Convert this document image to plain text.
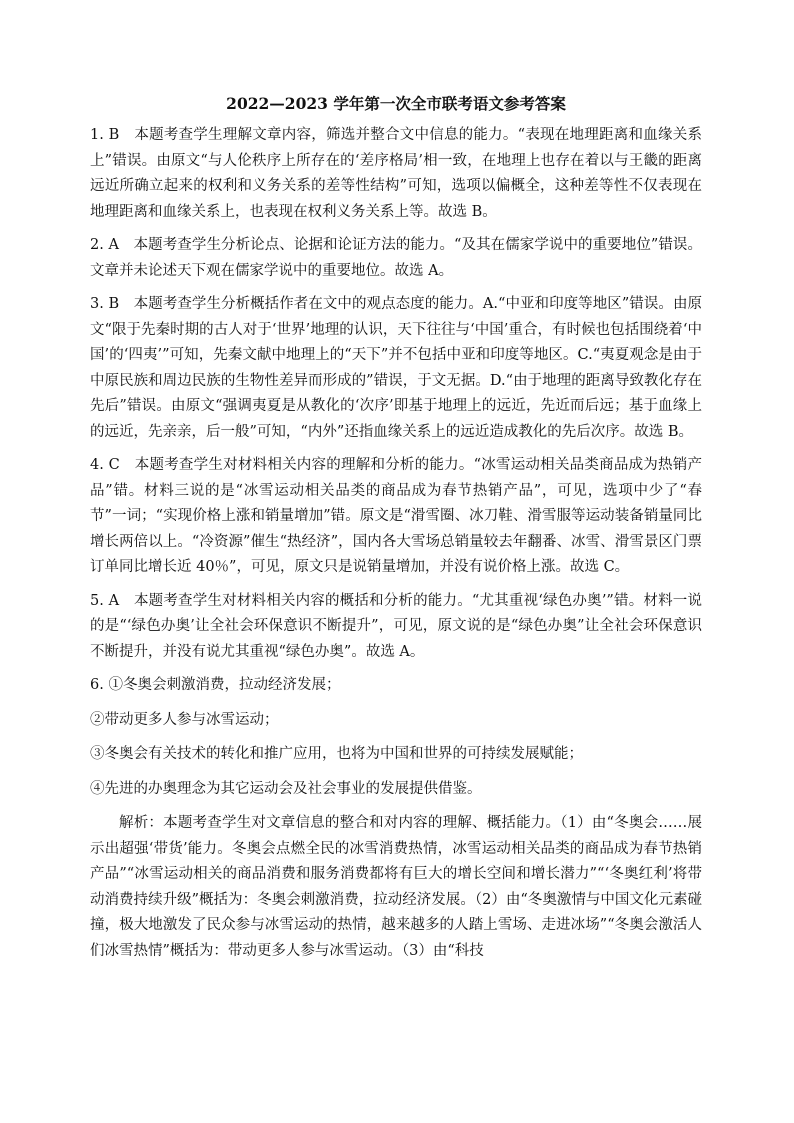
2022—2023 学年第一次全市联考语文参考答案

1. B　本题考查学生理解文章内容，筛选并整合文中信息的能力。“表现在地理距离和血缘关系上”错误。由原文“与人伦秩序上所存在的‘差序格局’相一致，在地理上也存在着以与王畿的距离远近所确立起来的权利和义务关系的差等性结构”可知，选项以偏概全，这种差等性不仅表现在地理距离和血缘关系上，也表现在权利义务关系上等。故选 B。

2. A　本题考查学生分析论点、论据和论证方法的能力。“及其在儒家学说中的重要地位”错误。文章并未论述天下观在儒家学说中的重要地位。故选 A。

3. B　本题考查学生分析概括作者在文中的观点态度的能力。A.“中亚和印度等地区”错误。由原文“限于先秦时期的古人对于‘世界’地理的认识，天下往往与‘中国’重合，有时候也包括围绕着‘中国’的‘四夷’”可知，先秦文献中地理上的“天下”并不包括中亚和印度等地区。C.“夷夏观念是由于中原民族和周边民族的生物性差异而形成的”错误，于文无据。D.“由于地理的距离导致教化存在先后”错误。由原文“强调夷夏是从教化的‘次序’即基于地理上的远近，先近而后远；基于血缘上的远近，先亲亲，后一般”可知，“内外”还指血缘关系上的远近造成教化的先后次序。故选 B。

4. C　本题考查学生对材料相关内容的理解和分析的能力。“冰雪运动相关品类商品成为热销产品”错。材料三说的是“冰雪运动相关品类的商品成为春节热销产品”，可见，选项中少了“春节”一词；“实现价格上涨和销量增加”错。原文是“滑雪圈、冰刀鞋、滑雪服等运动装备销量同比增长两倍以上。“冷资源”催生“热经济”，国内各大雪场总销量较去年翻番、冰雪、滑雪景区门票订单同比增长近 40％”，可见，原文只是说销量增加，并没有说价格上涨。故选 C。

5. A　本题考查学生对材料相关内容的概括和分析的能力。“尤其重视‘绿色办奥’”错。材料一说的是“‘绿色办奥’让全社会环保意识不断提升”，可见，原文说的是“绿色办奥”让全社会环保意识不断提升，并没有说尤其重视“绿色办奥”。故选 A。

6. ①冬奥会刺激消费，拉动经济发展；

②带动更多人参与冰雪运动；

③冬奥会有关技术的转化和推广应用，也将为中国和世界的可持续发展赋能；

④先进的办奥理念为其它运动会及社会事业的发展提供借鉴。

解析：本题考查学生对文章信息的整合和对内容的理解、概括能力。（1）由“冬奥会……展示出超强‘带货’能力。冬奥会点燃全民的冰雪消费热情，冰雪运动相关品类的商品成为春节热销产品”“冰雪运动相关的商品消费和服务消费都将有巨大的增长空间和增长潜力”“‘冬奥红利’将带动消费持续升级”概括为：冬奥会刺激消费，拉动经济发展。（2）由“冬奥激情与中国文化元素碰撞，极大地激发了民众参与冰雪运动的热情，越来越多的人踏上雪场、走进冰场”“冬奥会激活人们冰雪热情”概括为：带动更多人参与冰雪运动。（3）由“科技
